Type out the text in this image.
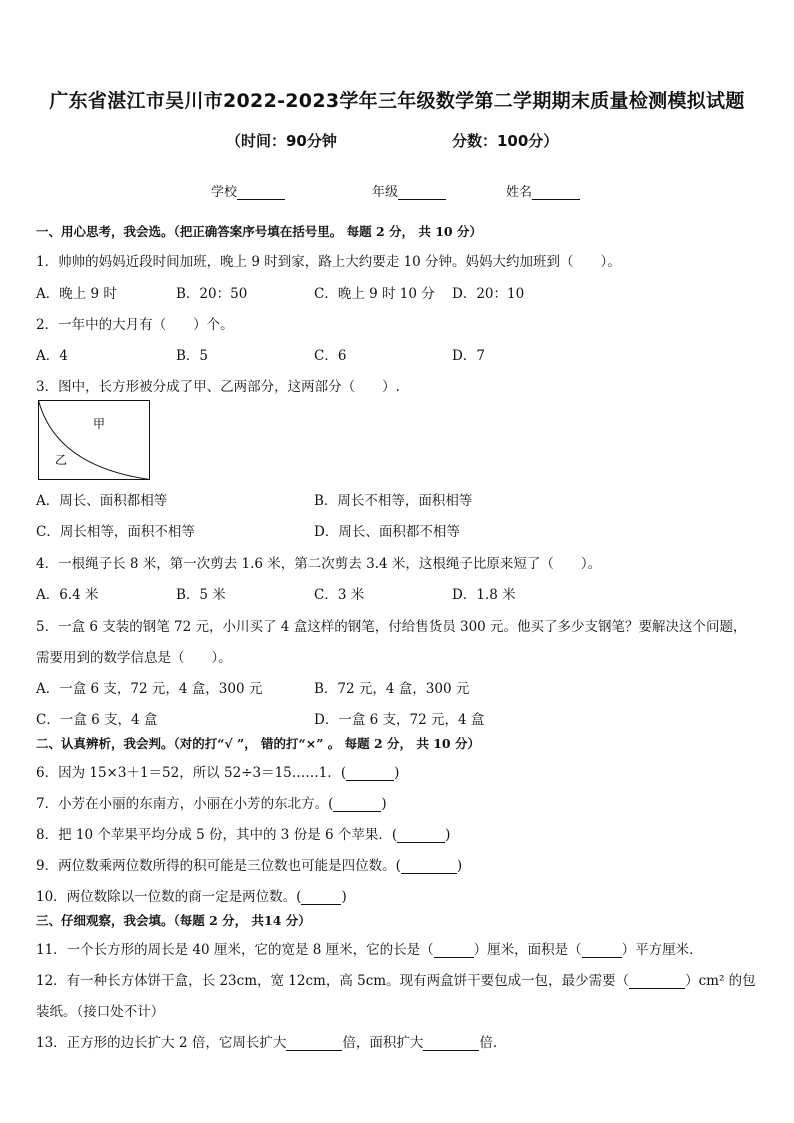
广东省湛江市吴川市2022-2023学年三年级数学第二学期期末质量检测模拟试题
（时间：90分钟	分数：100分）
学校	年级	姓名
一、用心思考，我会选。（把正确答案序号填在括号里。 每题 2 分， 共 10 分）
1．帅帅的妈妈近段时间加班，晚上 9 时到家，路上大约要走 10 分钟。妈妈大约加班到（　　）。
A．晚上 9 时	B．20：50	C．晚上 9 时 10 分 D．20：10
2．一年中的大月有（　　）个。
A．4	B．5	C．6	D．7
3．图中，长方形被分成了甲、乙两部分，这两部分（　　）.
甲
乙
A．周长、面积都相等	B．周长不相等，面积相等
C．周长相等，面积不相等	D．周长、面积都不相等
4．一根绳子长 8 米，第一次剪去 1.6 米，第二次剪去 3.4 米，这根绳子比原来短了（　　）。
A．6.4 米	B．5 米	C．3 米	D．1.8 米
5．一盒 6 支装的钢笔 72 元，小川买了 4 盒这样的钢笔，付给售货员 300 元。他买了多少支钢笔？要解决这个问题，
需要用到的数学信息是（　　）。
A．一盒 6 支，72 元，4 盒，300 元	B．72 元，4 盒，300 元
C．一盒 6 支，4 盒	D．一盒 6 支，72 元，4 盒
二、认真辨析，我会判。（对的打“√ ”， 错的打“×” 。 每题 2 分， 共 10 分）
6．因为 15×3＋1＝52，所以 52÷3＝15……1．(	)
7．小芳在小丽的东南方，小丽在小芳的东北方。(	)
8．把 10 个苹果平均分成 5 份，其中的 3 份是 6 个苹果．(	)
9．两位数乘两位数所得的积可能是三位数也可能是四位数。(	)
10．两位数除以一位数的商一定是两位数。(	)
三、仔细观察，我会填。（每题 2 分， 共14 分）
11．一个长方形的周长是 40 厘米，它的宽是 8 厘米，它的长是（	）厘米，面积是（	）平方厘米．
12．有一种长方体饼干盒，长 23cm，宽 12cm，高 5cm。现有两盒饼干要包成一包，最少需要（	）cm² 的包
装纸。（接口处不计）
13．正方形的边长扩大 2 倍，它周长扩大	倍，面积扩大	倍.
